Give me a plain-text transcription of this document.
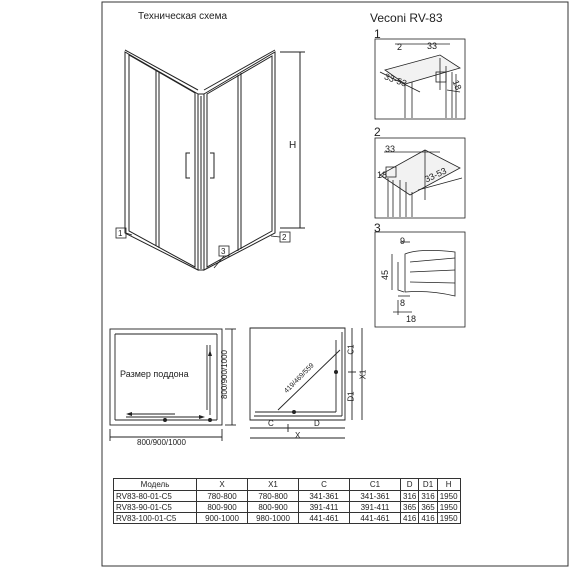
Техническая схема	Veconi RV-83
H
1	2
3
1
2	33
33-53	18
2
33
18	33-53
3
9
45
8
18
Размер поддона
800/900/1000
800/900/1000	419/469/559
C	D
X
C1
D1
X1
Модель	X	X1	C	C1	D	D1	H
RV83-80-01-C5	780-800	780-800	341-361	341-361	316	316	1950
RV83-90-01-C5	800-900	800-900	391-411	391-411	365	365	1950
RV83-100-01-C5	900-1000	980-1000	441-461	441-461	416	416	1950
